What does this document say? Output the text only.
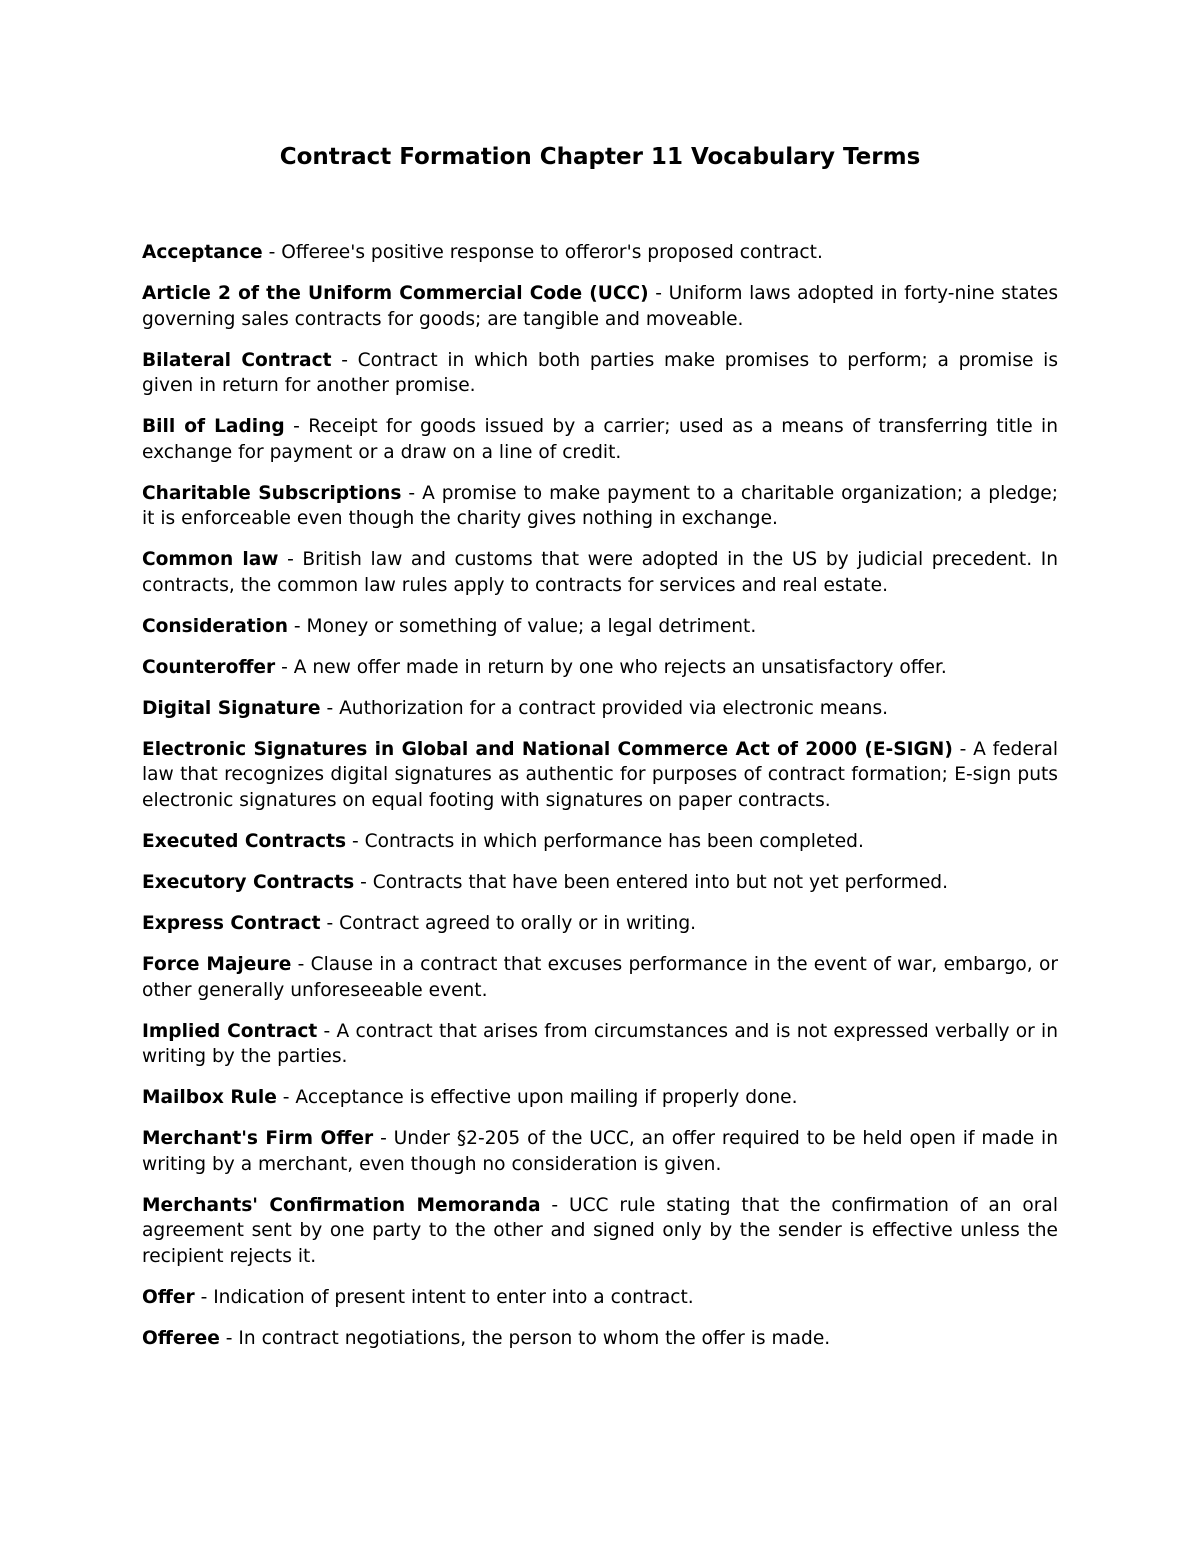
Contract Formation Chapter 11 Vocabulary Terms

Acceptance - Offeree's positive response to offeror's proposed contract.

Article 2 of the Uniform Commercial Code (UCC) - Uniform laws adopted in forty-nine states governing sales contracts for goods; are tangible and moveable.

Bilateral Contract - Contract in which both parties make promises to perform; a promise is given in return for another promise.

Bill of Lading - Receipt for goods issued by a carrier; used as a means of transferring title in exchange for payment or a draw on a line of credit.

Charitable Subscriptions - A promise to make payment to a charitable organization; a pledge; it is enforceable even though the charity gives nothing in exchange.

Common law - British law and customs that were adopted in the US by judicial precedent. In contracts, the common law rules apply to contracts for services and real estate.

Consideration - Money or something of value; a legal detriment.

Counteroffer - A new offer made in return by one who rejects an unsatisfactory offer.

Digital Signature - Authorization for a contract provided via electronic means.

Electronic Signatures in Global and National Commerce Act of 2000 (E-SIGN) - A federal law that recognizes digital signatures as authentic for purposes of contract formation; E-sign puts electronic signatures on equal footing with signatures on paper contracts.

Executed Contracts - Contracts in which performance has been completed.

Executory Contracts - Contracts that have been entered into but not yet performed.

Express Contract - Contract agreed to orally or in writing.

Force Majeure - Clause in a contract that excuses performance in the event of war, embargo, or other generally unforeseeable event.

Implied Contract - A contract that arises from circumstances and is not expressed verbally or in writing by the parties.

Mailbox Rule - Acceptance is effective upon mailing if properly done.

Merchant's Firm Offer - Under §2-205 of the UCC, an offer required to be held open if made in writing by a merchant, even though no consideration is given.

Merchants' Confirmation Memoranda - UCC rule stating that the confirmation of an oral agreement sent by one party to the other and signed only by the sender is effective unless the recipient rejects it.

Offer - Indication of present intent to enter into a contract.

Offeree - In contract negotiations, the person to whom the offer is made.
